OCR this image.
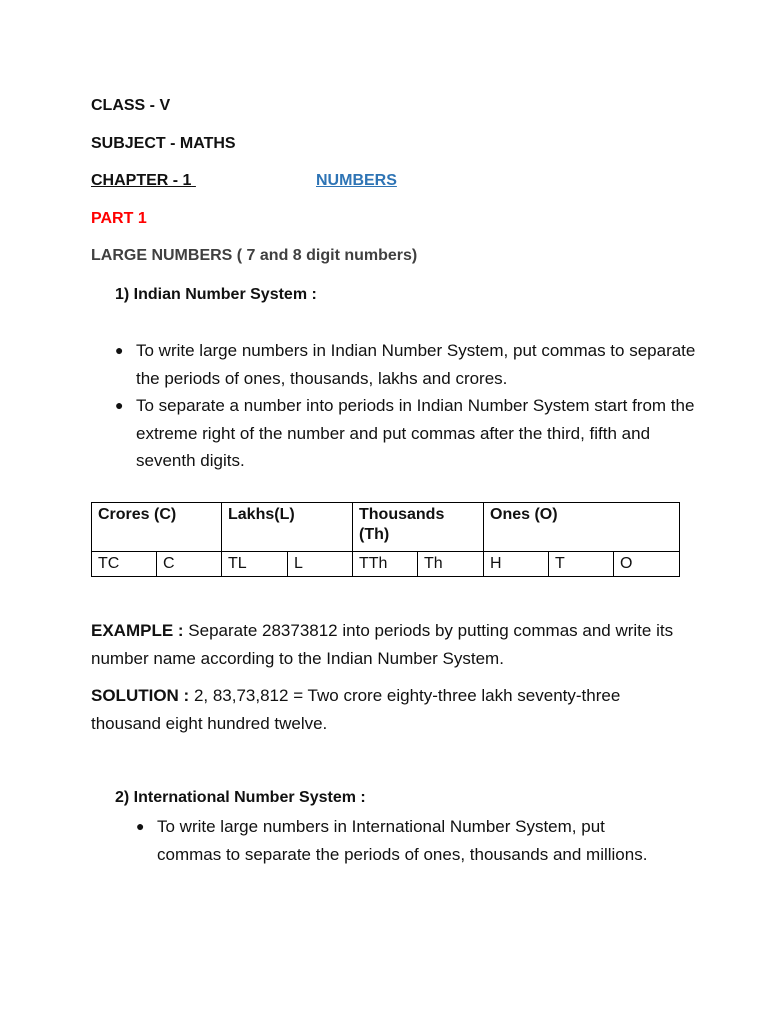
CLASS - V
SUBJECT - MATHS
CHAPTER - 1	NUMBERS
PART 1
LARGE NUMBERS ( 7 and 8 digit numbers)
1) Indian Number System :
● To write large numbers in Indian Number System, put commas to separate the periods of ones, thousands, lakhs and crores.
● To separate a number into periods in Indian Number System start from the extreme right of the number and put commas after the third, fifth and seventh digits.
Crores (C)		Lakhs(L)		Thousands (Th)		Ones (O)		
TC	C	TL	L	TTh	Th	H	T	O
EXAMPLE : Separate 28373812 into periods by putting commas and write its number name according to the Indian Number System.
SOLUTION : 2, 83,73,812 = Two crore eighty-three lakh seventy-three thousand eight hundred twelve.
2) International Number System :
● To write large numbers in International Number System, put commas to separate the periods of ones, thousands and millions.
